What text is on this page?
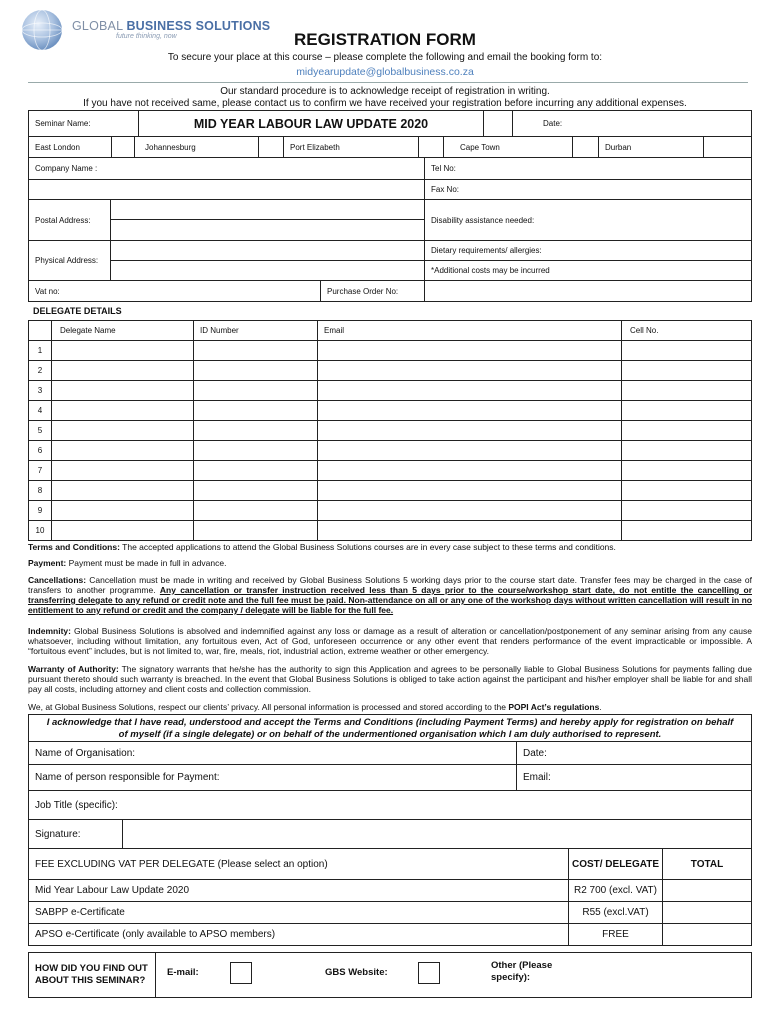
GLOBAL BUSINESS SOLUTIONS
future thinking, now	REGISTRATION FORM
To secure your place at this course – please complete the following and email the booking form to:
midyearupdate@globalbusiness.co.za
Our standard procedure is to acknowledge receipt of registration in writing.
If you have not received same, please contact us to confirm we have received your registration before incurring any additional expenses.
Seminar Name:	MID YEAR LABOUR LAW UPDATE 2020	Date:
East London	Johannesburg	Port Elizabeth	Cape Town	Durban
Company Name :	Tel No:
Fax No:
Postal Address:	Disability assistance needed:
Physical Address:
Dietary requirements/ allergies:
*Additional costs may be incurred
Vat no:	Purchase Order No:
DELEGATE DETAILS
Delegate Name	ID Number	Email	Cell No.
1
2
3
4
5
6
7
8
9
10
Terms and Conditions: The accepted applications to attend the Global Business Solutions courses are in every case subject to these terms and conditions.
Payment: Payment must be made in full in advance.
Cancellations: Cancellation must be made in writing and received by Global Business Solutions 5 working days prior to the course start date. Transfer fees may be charged in the case of transfers to another programme. Any cancellation or transfer instruction received less than 5 days prior to the course/workshop start date, do not entitle the cancelling or transferring delegate to any refund or credit note and the full fee must be paid. Non-attendance on all or any one of the workshop days without written cancellation will result in no entitlement to any refund or credit and the company / delegate will be liable for the full fee.
Indemnity: Global Business Solutions is absolved and indemnified against any loss or damage as a result of alteration or cancellation/postponement of any seminar arising from any cause whatsoever, including without limitation, any fortuitous even, Act of God, unforeseen occurrence or any other event that renders performance of the event impracticable or impossible. A “fortuitous event” includes, but is not limited to, war, fire, meals, riot, industrial action, extreme weather or other emergency.
Warranty of Authority: The signatory warrants that he/she has the authority to sign this Application and agrees to be personally liable to Global Business Solutions for payments falling due pursuant thereto should such warranty is breached. In the event that Global Business Solutions is obliged to take action against the participant and his/her employer shall be liable for and shall pay all costs, including attorney and client costs and collection commission.
We, at Global Business Solutions, respect our clients’ privacy. All personal information is processed and stored according to the POPI Act’s regulations.
I acknowledge that I have read, understood and accept the Terms and Conditions (including Payment Terms) and hereby apply for registration on behalf
of myself (if a single delegate) or on behalf of the undermentioned organisation which I am duly authorised to represent.
Name of Organisation:	Date:
Name of person responsible for Payment:	Email:
Job Title (specific):
Signature:
FEE EXCLUDING VAT PER DELEGATE (Please select an option)	COST/ DELEGATE	TOTAL
Mid Year Labour Law Update 2020	R2 700 (excl. VAT)
SABPP e-Certificate	R55 (excl.VAT)
APSO e-Certificate (only available to APSO members)	FREE
HOW DID YOU FIND OUT ABOUT THIS SEMINAR?
E-mail:	GBS Website:
Other (Please specify):
